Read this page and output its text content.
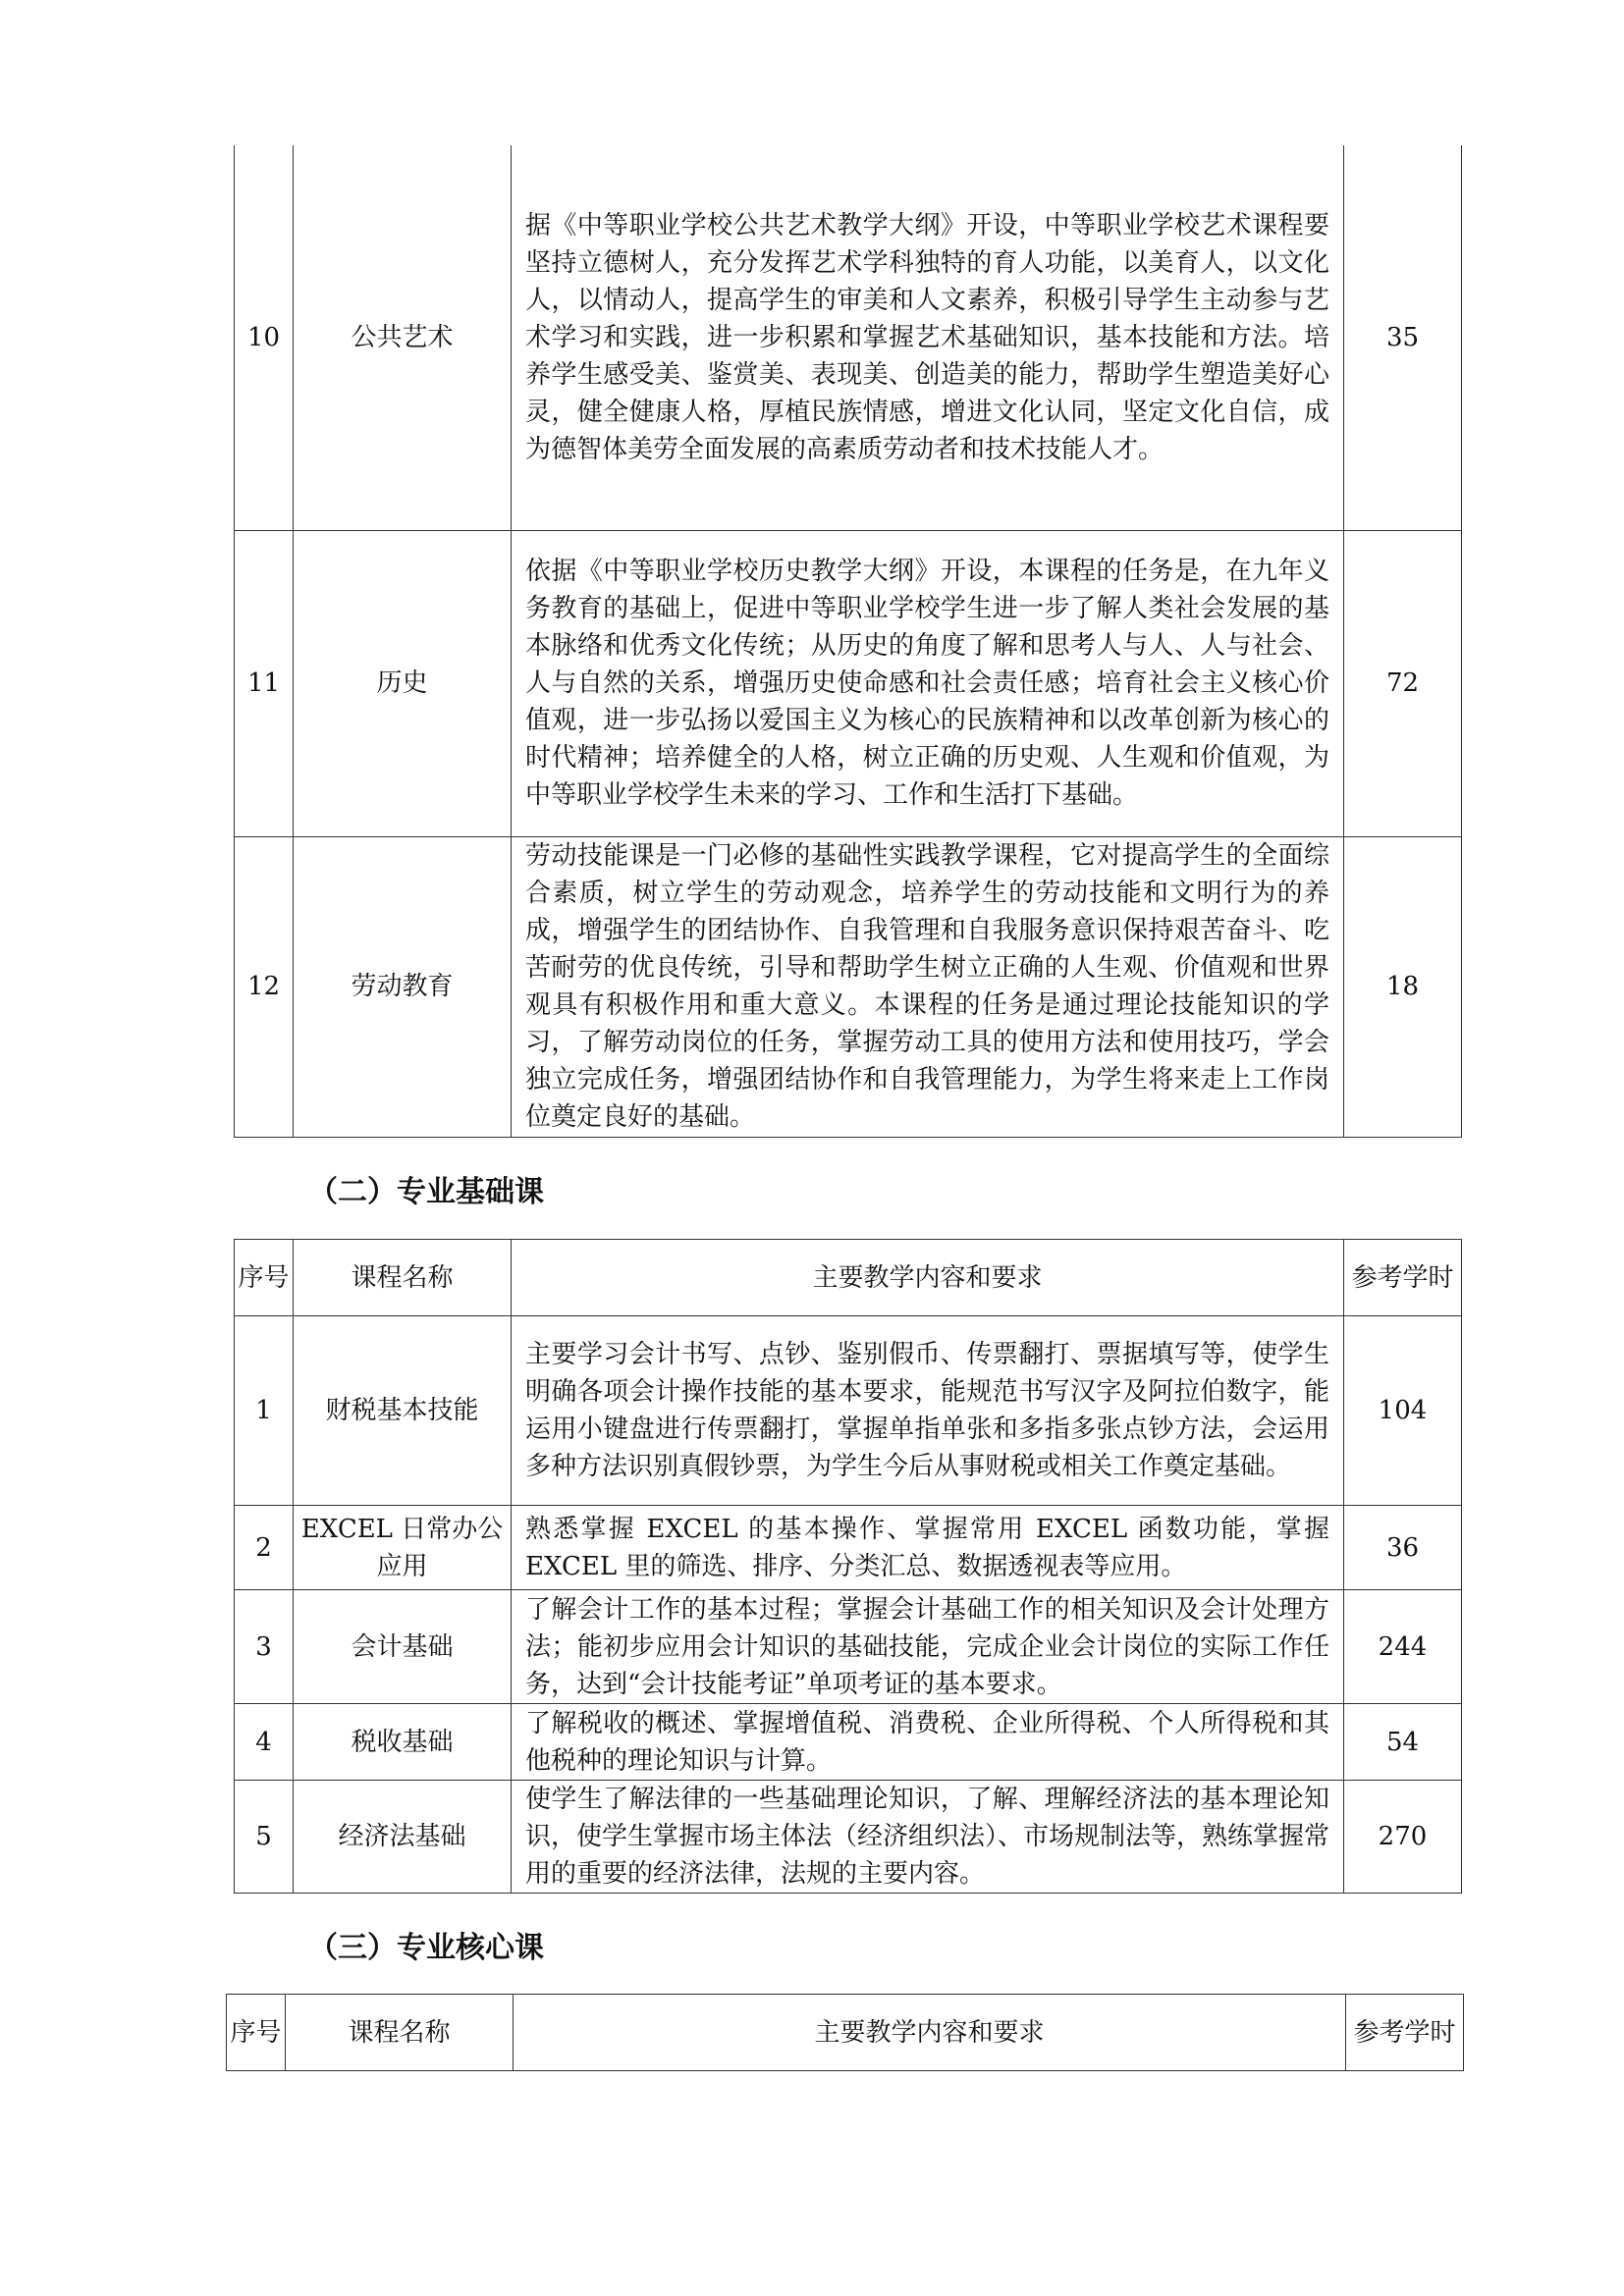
10	公共艺术	据《中等职业学校公共艺术教学大纲》开设，中等职业学校艺术课程要坚持立德树人，充分发挥艺术学科独特的育人功能，以美育人，以文化人，以情动人，提高学生的审美和人文素养，积极引导学生主动参与艺术学习和实践，进一步积累和掌握艺术基础知识，基本技能和方法。培养学生感受美、鉴赏美、表现美、创造美的能力，帮助学生塑造美好心灵，健全健康人格，厚植民族情感，增进文化认同，坚定文化自信，成为德智体美劳全面发展的高素质劳动者和技术技能人才。	35
11	历史	依据《中等职业学校历史教学大纲》开设，本课程的任务是，在九年义务教育的基础上，促进中等职业学校学生进一步了解人类社会发展的基本脉络和优秀文化传统；从历史的角度了解和思考人与人、人与社会、人与自然的关系，增强历史使命感和社会责任感；培育社会主义核心价值观，进一步弘扬以爱国主义为核心的民族精神和以改革创新为核心的时代精神；培养健全的人格，树立正确的历史观、人生观和价值观，为中等职业学校学生未来的学习、工作和生活打下基础。	72
12	劳动教育	劳动技能课是一门必修的基础性实践教学课程，它对提高学生的全面综合素质，树立学生的劳动观念，培养学生的劳动技能和文明行为的养成，增强学生的团结协作、自我管理和自我服务意识保持艰苦奋斗、吃苦耐劳的优良传统，引导和帮助学生树立正确的人生观、价值观和世界观具有积极作用和重大意义。本课程的任务是通过理论技能知识的学习，了解劳动岗位的任务，掌握劳动工具的使用方法和使用技巧，学会独立完成任务，增强团结协作和自我管理能力，为学生将来走上工作岗位奠定良好的基础。	18
（二）专业基础课
序号	课程名称	主要教学内容和要求	参考学时
1	财税基本技能	主要学习会计书写、点钞、鉴别假币、传票翻打、票据填写等，使学生明确各项会计操作技能的基本要求，能规范书写汉字及阿拉伯数字，能运用小键盘进行传票翻打，掌握单指单张和多指多张点钞方法，会运用多种方法识别真假钞票，为学生今后从事财税或相关工作奠定基础。	104
2	EXCEL 日常办公应用	熟悉掌握 EXCEL 的基本操作、掌握常用 EXCEL 函数功能，掌握 EXCEL 里的筛选、排序、分类汇总、数据透视表等应用。	36
3	会计基础	了解会计工作的基本过程；掌握会计基础工作的相关知识及会计处理方法；能初步应用会计知识的基础技能，完成企业会计岗位的实际工作任务，达到“会计技能考证”单项考证的基本要求。	244
4	税收基础	了解税收的概述、掌握增值税、消费税、企业所得税、个人所得税和其他税种的理论知识与计算。	54
5	经济法基础	使学生了解法律的一些基础理论知识，了解、理解经济法的基本理论知识，使学生掌握市场主体法（经济组织法）、市场规制法等，熟练掌握常用的重要的经济法律，法规的主要内容。	270
（三）专业核心课
序号	课程名称	主要教学内容和要求	参考学时
